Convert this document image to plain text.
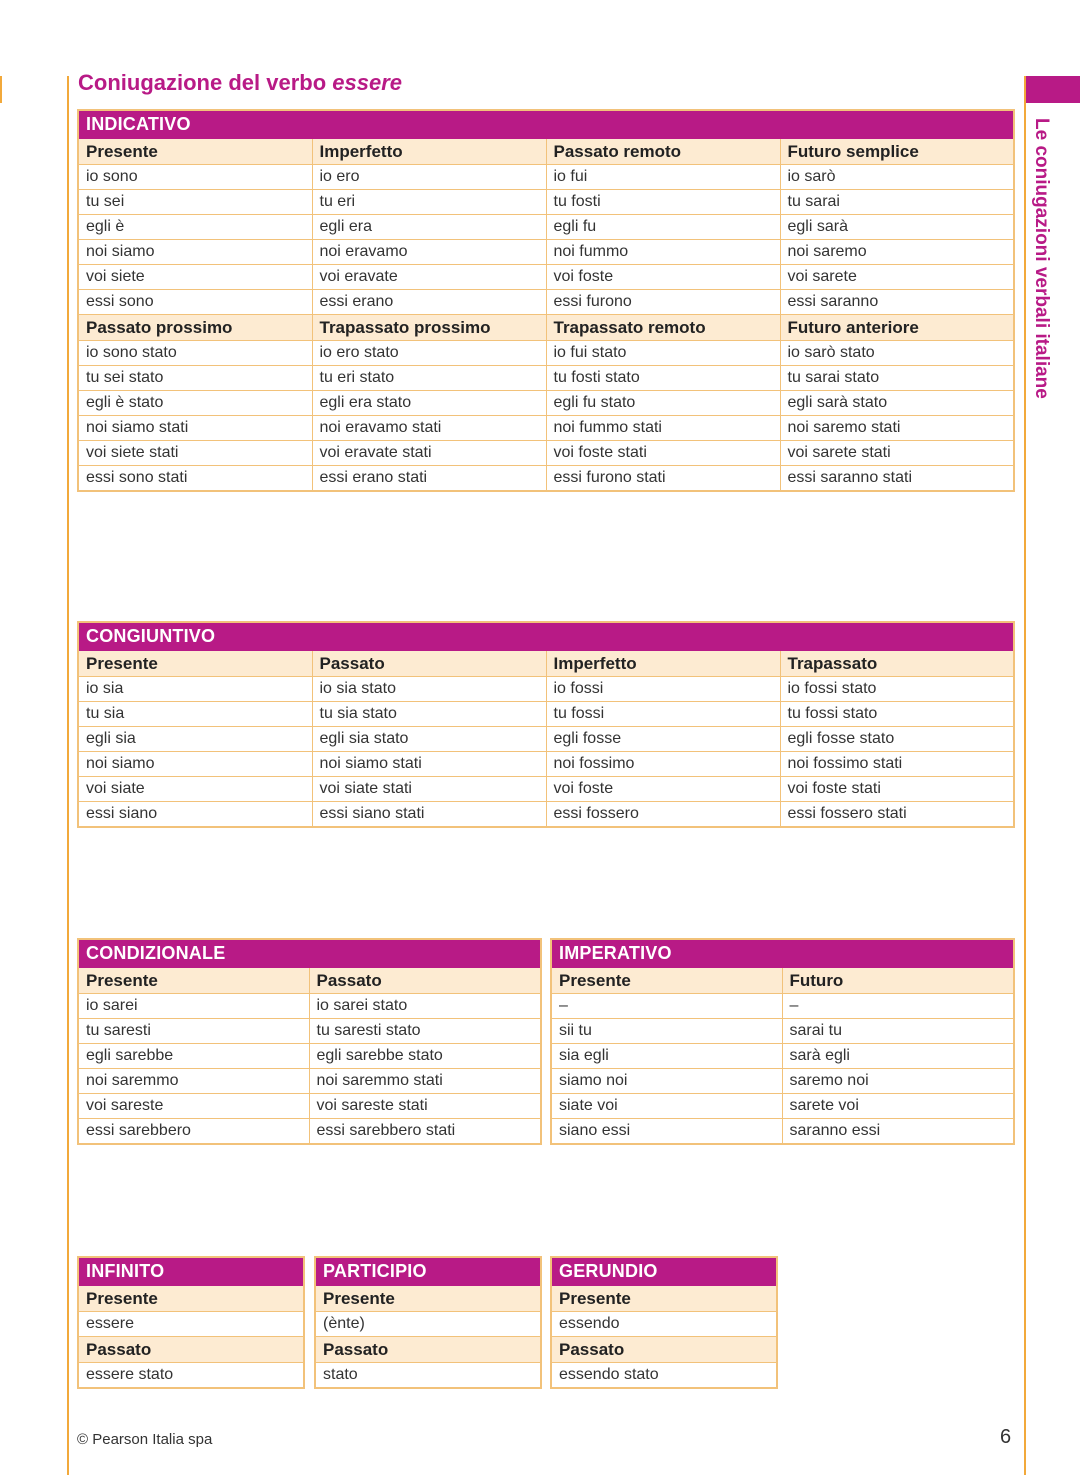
Le coniugazioni verbali italiane
Coniugazione del verbo essere
INDICATIVO			
Presente	Imperfetto	Passato remoto	Futuro semplice
io sono	io ero	io fui	io sarò
tu sei	tu eri	tu fosti	tu sarai
egli è	egli era	egli fu	egli sarà
noi siamo	noi eravamo	noi fummo	noi saremo
voi siete	voi eravate	voi foste	voi sarete
essi sono	essi erano	essi furono	essi saranno
Passato prossimo	Trapassato prossimo	Trapassato remoto	Futuro anteriore
io sono stato	io ero stato	io fui stato	io sarò stato
tu sei stato	tu eri stato	tu fosti stato	tu sarai stato
egli è stato	egli era stato	egli fu stato	egli sarà stato
noi siamo stati	noi eravamo stati	noi fummo stati	noi saremo stati
voi siete stati	voi eravate stati	voi foste stati	voi sarete stati
essi sono stati	essi erano stati	essi furono stati	essi saranno stati
CONGIUNTIVO			
Presente	Passato	Imperfetto	Trapassato
io sia	io sia stato	io fossi	io fossi stato
tu sia	tu sia stato	tu fossi	tu fossi stato
egli sia	egli sia stato	egli fosse	egli fosse stato
noi siamo	noi siamo stati	noi fossimo	noi fossimo stati
voi siate	voi siate stati	voi foste	voi foste stati
essi siano	essi siano stati	essi fossero	essi fossero stati
CONDIZIONALE	
Presente	Passato
io sarei	io sarei stato
tu saresti	tu saresti stato
egli sarebbe	egli sarebbe stato
noi saremmo	noi saremmo stati
voi sareste	voi sareste stati
essi sarebbero	essi sarebbero stati
IMPERATIVO	
Presente	Futuro
–	–
sii tu	sarai tu
sia egli	sarà egli
siamo noi	saremo noi
siate voi	sarete voi
siano essi	saranno essi
INFINITO
Presente
essere
Passato
essere stato
PARTICIPIO
Presente
(ènte)
Passato
stato
GERUNDIO
Presente
essendo
Passato
essendo stato
© Pearson Italia spa	6
